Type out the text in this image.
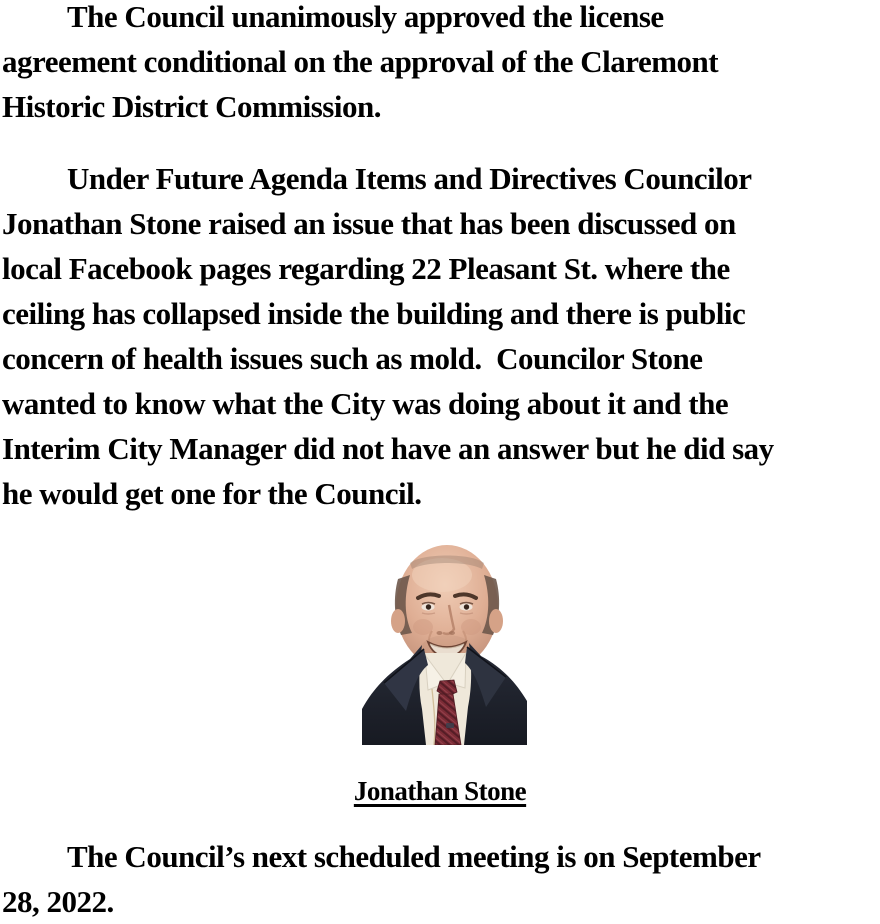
The Council unanimously approved the license
agreement conditional on the approval of the Claremont
Historic District Commission.
Under Future Agenda Items and Directives Councilor
Jonathan Stone raised an issue that has been discussed on
local Facebook pages regarding 22 Pleasant St. where the
ceiling has collapsed inside the building and there is public
concern of health issues such as mold.  Councilor Stone
wanted to know what the City was doing about it and the
Interim City Manager did not have an answer but he did say
he would get one for the Council.
Jonathan Stone
The Council’s next scheduled meeting is on September
28, 2022.
